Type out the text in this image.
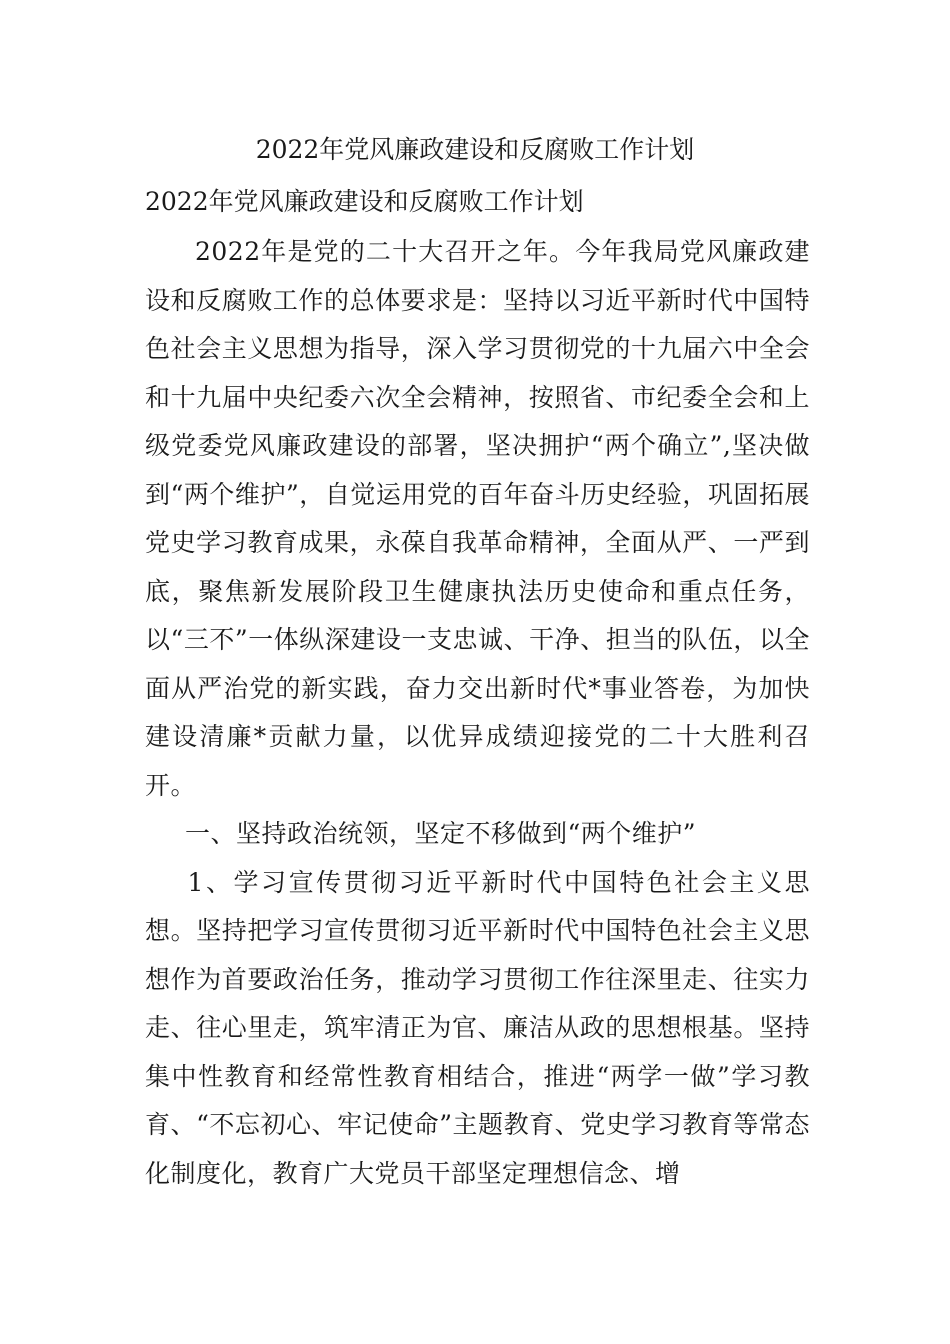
2022年党风廉政建设和反腐败工作计划
2022年党风廉政建设和反腐败工作计划

2022年是党的二十大召开之年。今年我局党风廉政建设和反腐败工作的总体要求是：坚持以习近平新时代中国特色社会主义思想为指导，深入学习贯彻党的十九届六中全会和十九届中央纪委六次全会精神，按照省、市纪委全会和上级党委党风廉政建设的部署，坚决拥护“两个确立”,坚决做到“两个维护”，自觉运用党的百年奋斗历史经验，巩固拓展党史学习教育成果，永葆自我革命精神，全面从严、一严到底，聚焦新发展阶段卫生健康执法历史使命和重点任务，以“三不”一体纵深建设一支忠诚、干净、担当的队伍，以全面从严治党的新实践，奋力交出新时代*事业答卷，为加快建设清廉*贡献力量，以优异成绩迎接党的二十大胜利召开。

一、坚持政治统领，坚定不移做到“两个维护”

1、学习宣传贯彻习近平新时代中国特色社会主义思想。坚持把学习宣传贯彻习近平新时代中国特色社会主义思想作为首要政治任务，推动学习贯彻工作往深里走、往实力走、往心里走，筑牢清正为官、廉洁从政的思想根基。坚持集中性教育和经常性教育相结合，推进“两学一做”学习教育、“不忘初心、牢记使命”主题教育、党史学习教育等常态化制度化，教育广大党员干部坚定理想信念、增
